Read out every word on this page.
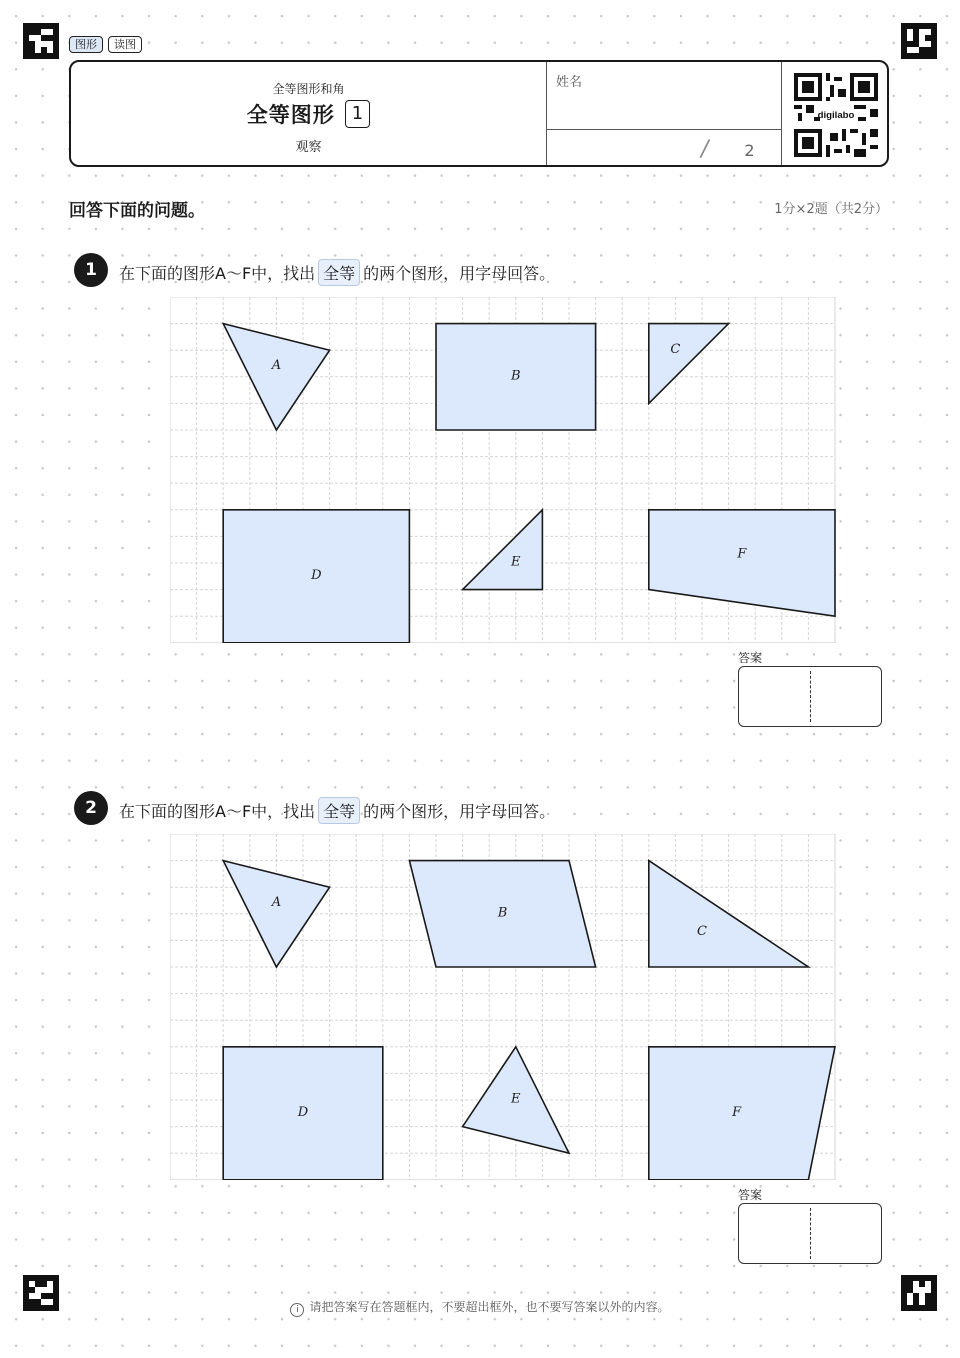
图形	读图
全等图形和角
全等图形 1
观察
姓名
/ 2
digilabo
回答下面的问题。	1分×2题（共2分）
1	在下面的图形A～F中，找出 全等 的两个图形，用字母回答。
A
B
C
D
E
F
答案
2	在下面的图形A～F中，找出 全等 的两个图形，用字母回答。
A
B
C
D
E
F
答案
i 请把答案写在答题框内，不要超出框外，也不要写答案以外的内容。
